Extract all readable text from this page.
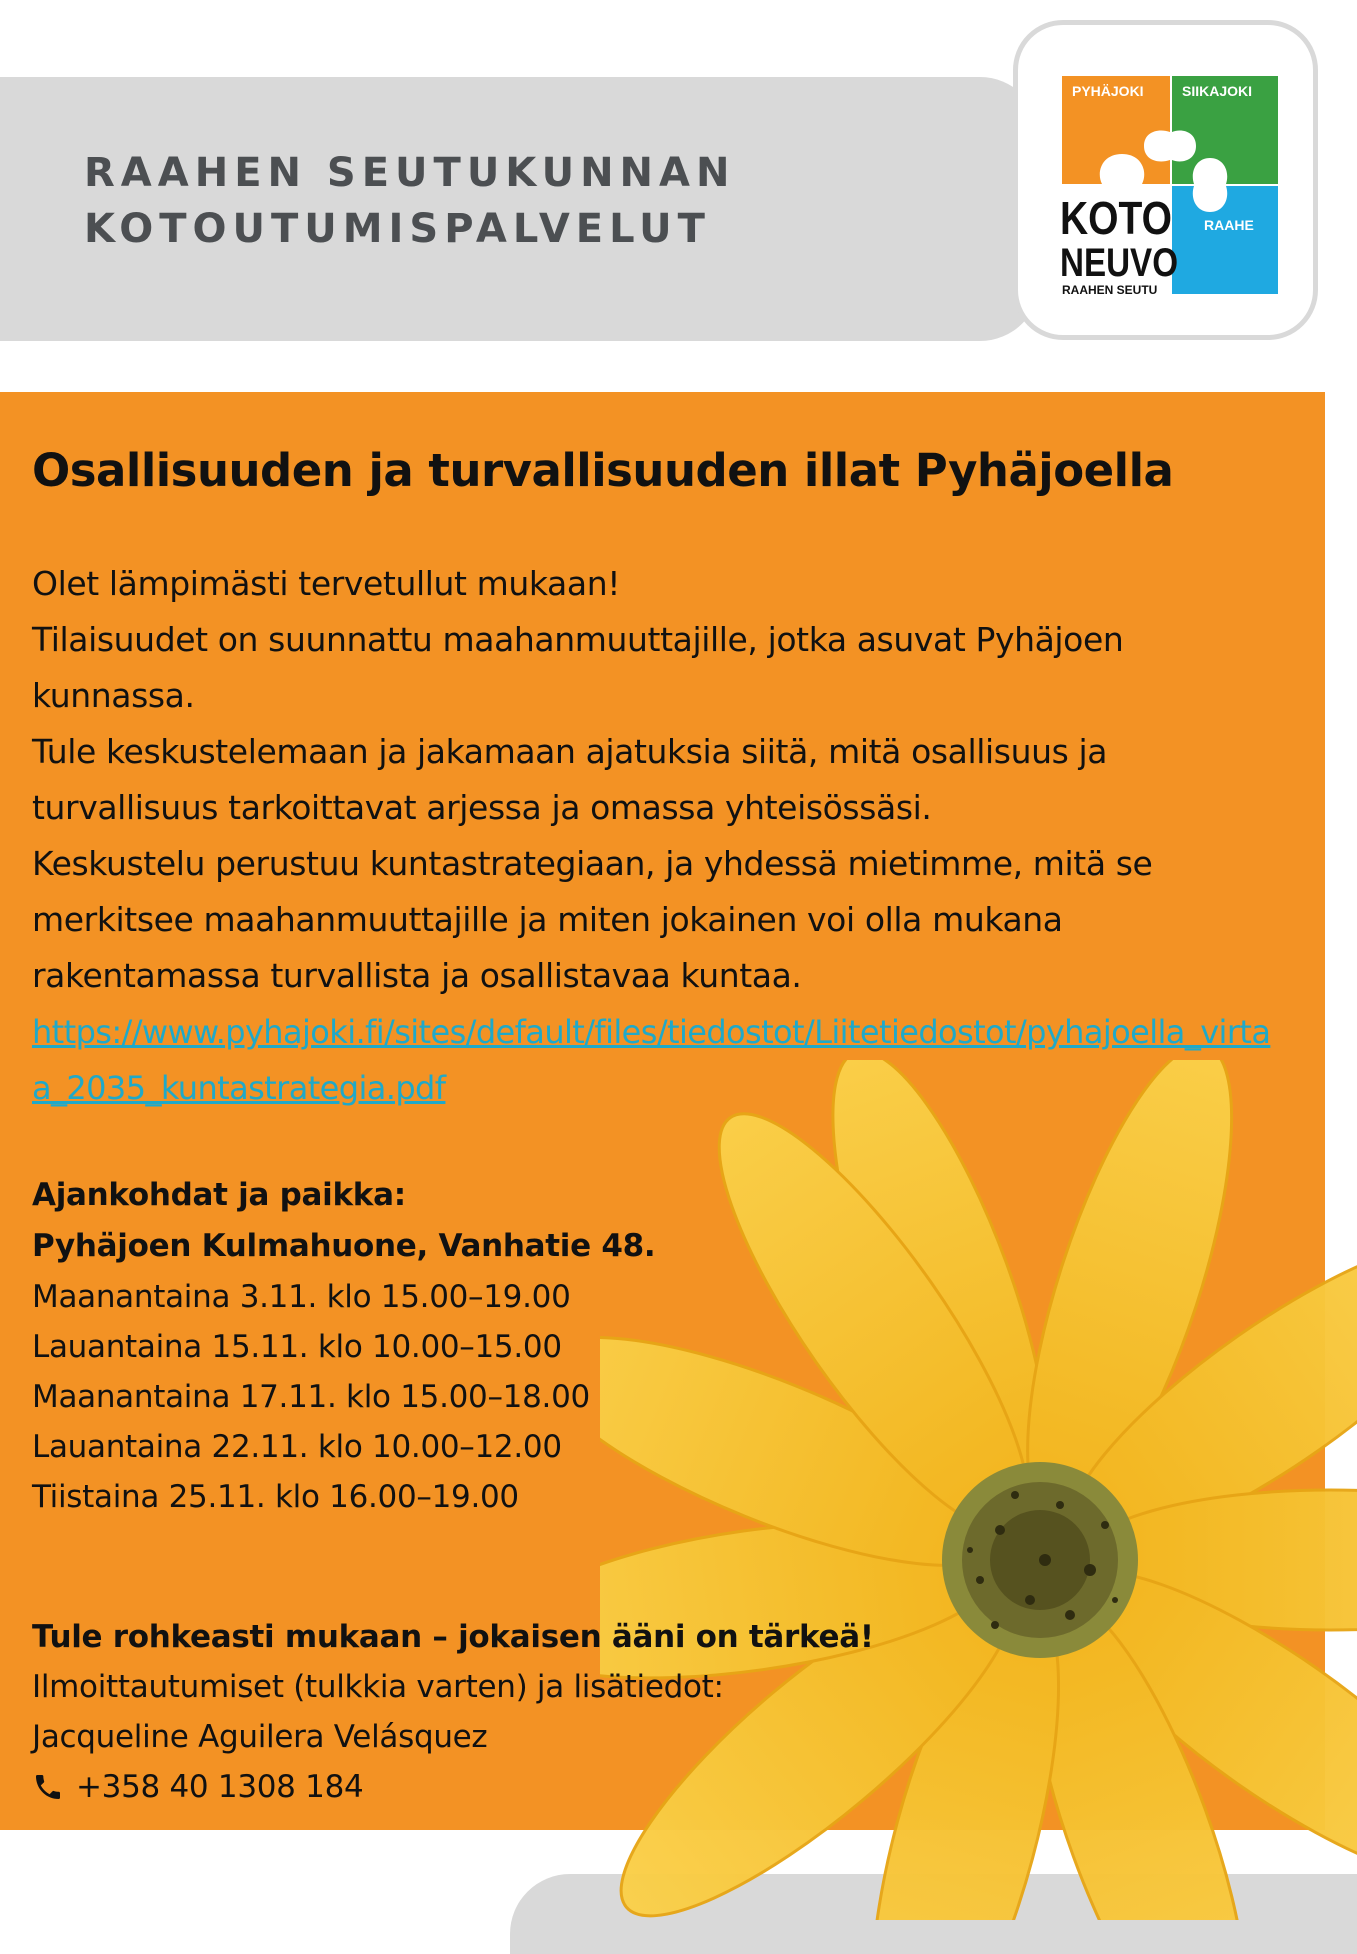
RAAHEN SEUTUKUNNAN
KOTOUTUMISPALVELUT
PYHÄJOKI	SIIKAJOKI
RAAHE
KOTO
NEUVO
RAAHEN SEUTU
Osallisuuden ja turvallisuuden illat Pyhäjoella

Olet lämpimästi tervetullut mukaan!

Tilaisuudet on suunnattu maahanmuuttajille, jotka asuvat Pyhäjoen kunnassa.

Tule keskustelemaan ja jakamaan ajatuksia siitä, mitä osallisuus ja turvallisuus tarkoittavat arjessa ja omassa yhteisössäsi.

Keskustelu perustuu kuntastrategiaan, ja yhdessä mietimme, mitä se merkitsee maahanmuuttajille ja miten jokainen voi olla mukana rakentamassa turvallista ja osallistavaa kuntaa.

https://www.pyhajoki.fi/sites/default/files/tiedostot/Liitetiedostot/pyhajoella_virtaa_2035_kuntastrategia.pdf

Ajankohdat ja paikka:

Pyhäjoen Kulmahuone, Vanhatie 48.

Maanantaina 3.11. klo 15.00–19.00

Lauantaina 15.11. klo 10.00–15.00

Maanantaina 17.11. klo 15.00–18.00

Lauantaina 22.11. klo 10.00–12.00

Tiistaina 25.11. klo 16.00–19.00

Tule rohkeasti mukaan – jokaisen ääni on tärkeä!

Ilmoittautumiset (tulkkia varten) ja lisätiedot:

Jacqueline Aguilera Velásquez

+358 40 1308 184
